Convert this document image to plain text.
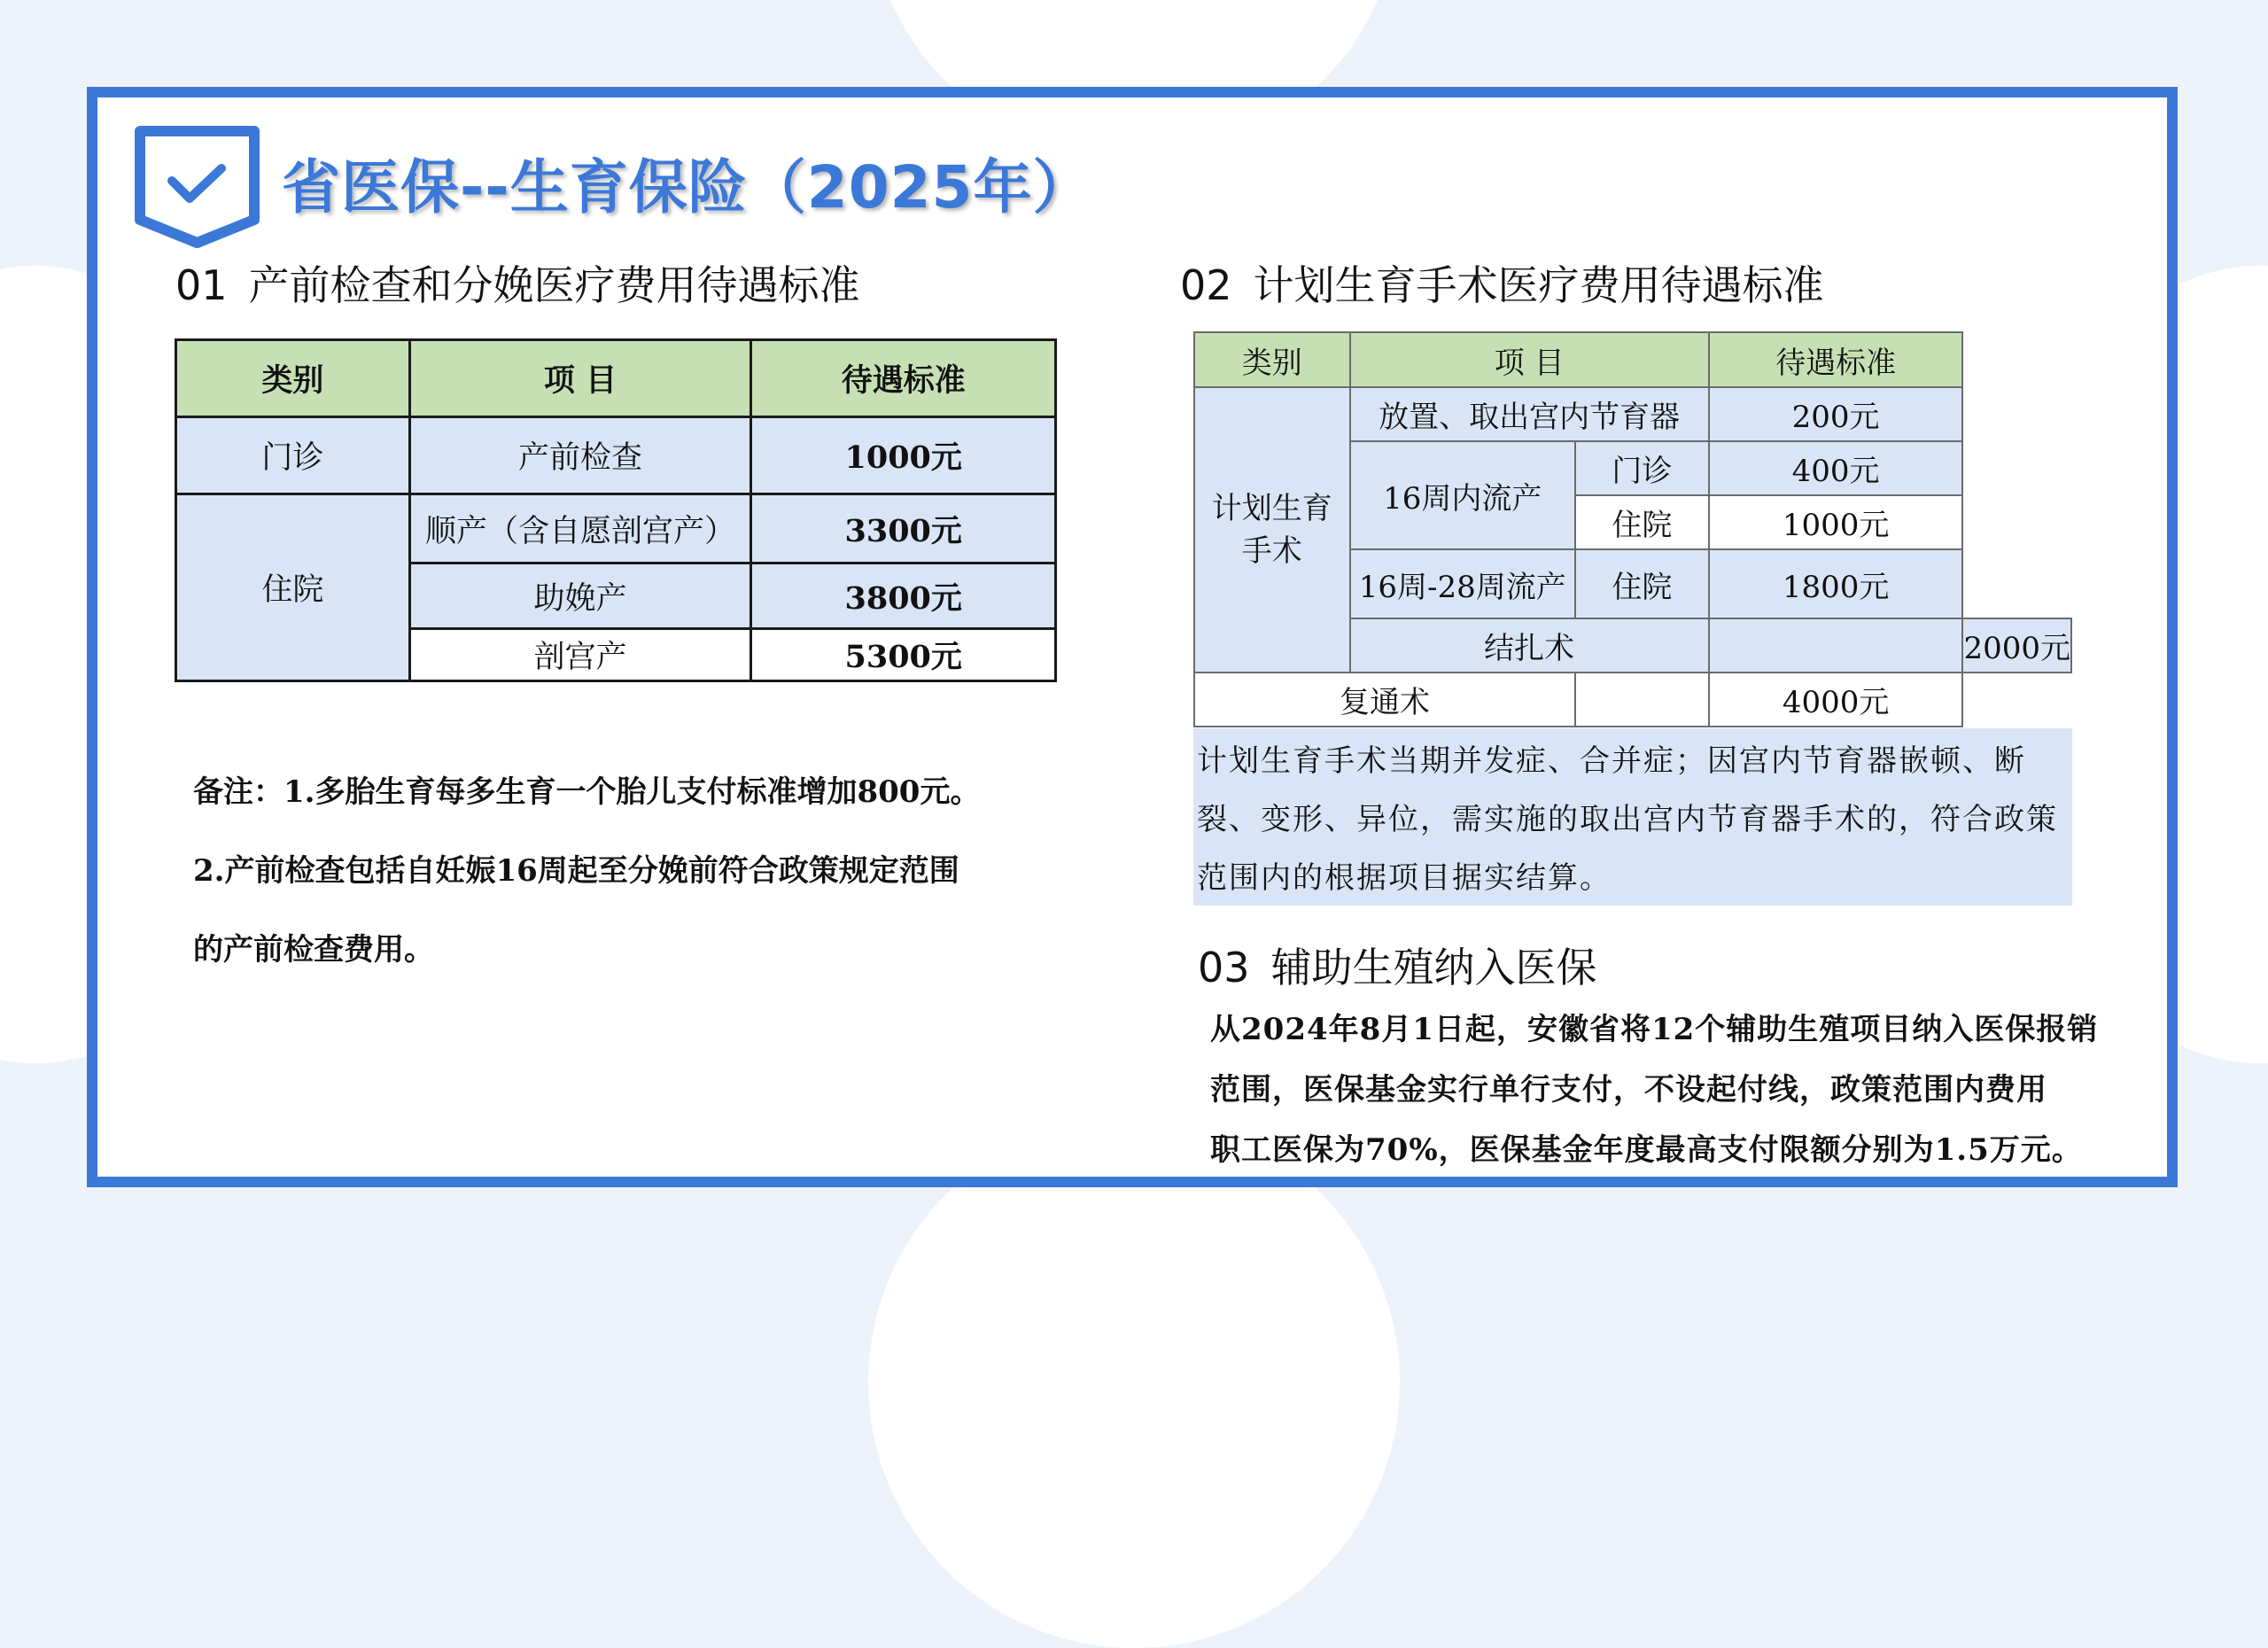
省医保--生育保险（2025年）
01 产前检查和分娩医疗费用待遇标准
类别	项 目	待遇标准
门诊	产前检查	1000元
住院	顺产（含自愿剖宫产）	3300元
	助娩产	3800元
	剖宫产	5300元

备注：1.多胎生育每多生育一个胎儿支付标准增加800元。

2.产前检查包括自妊娠16周起至分娩前符合政策规定范围

的产前检查费用。

02 计划生育手术医疗费用待遇标准
类别	项 目		待遇标准	
计划生育手术	放置、取出宫内节育器		200元	
	16周内流产	门诊	400元	
		住院	1000元	
	16周-28周流产	住院	1800元	
	结扎术			2000元
复通术			4000元	
计划生育手术当期并发症、合并症；因宫内节育器嵌顿、断裂、变形、异位，需实施的取出宫内节育器手术的，符合政策范围内的根据项目据实结算。
03 辅助生殖纳入医保

从2024年8月1日起，安徽省将12个辅助生殖项目纳入医保报销

范围，医保基金实行单行支付，不设起付线，政策范围内费用

职工医保为70%，医保基金年度最高支付限额分别为1.5万元。
